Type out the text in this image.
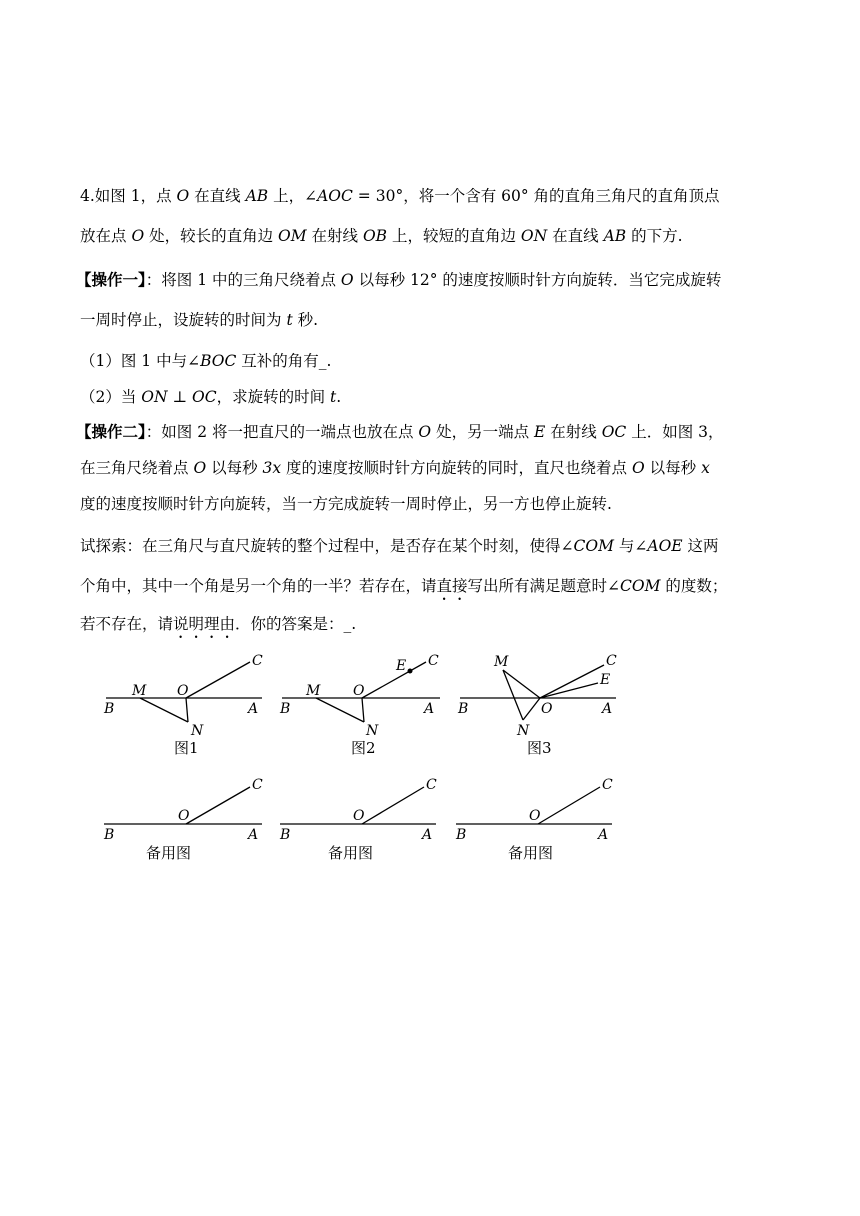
4.如图 1，点 O 在直线 AB 上，∠AOC = 30°，将一个含有 60° 角的直角三角尺的直角顶点
放在点 O 处，较长的直角边 OM 在射线 OB 上，较短的直角边 ON 在直线 AB 的下方.
【操作一】：将图 1 中的三角尺绕着点 O 以每秒 12° 的速度按顺时针方向旋转．当它完成旋转
一周时停止，设旋转的时间为 t 秒.
（1）图 1 中与∠BOC 互补的角有_.
（2）当 ON ⊥ OC，求旋转的时间 t.
【操作二】：如图 2 将一把直尺的一端点也放在点 O 处，另一端点 E 在射线 OC 上．如图 3，
在三角尺绕着点 O 以每秒 3x 度的速度按顺时针方向旋转的同时，直尺也绕着点 O 以每秒 x
度的速度按顺时针方向旋转，当一方完成旋转一周时停止，另一方也停止旋转.
试探索：在三角尺与直尺旋转的整个过程中，是否存在某个时刻，使得∠COM 与∠AOE 这两
个角中，其中一个角是另一个角的一半？若存在，请直接写出所有满足题意时∠COM 的度数；
若不存在，请说明理由．你的答案是：_.
C
M O
B	A
N
图1
C
E
M O
B	A
N
图2
C
E
M
O
B	A
N
图3
C
O
B	A
备用图
C
O
B	A
备用图
C
O
B	A
备用图
